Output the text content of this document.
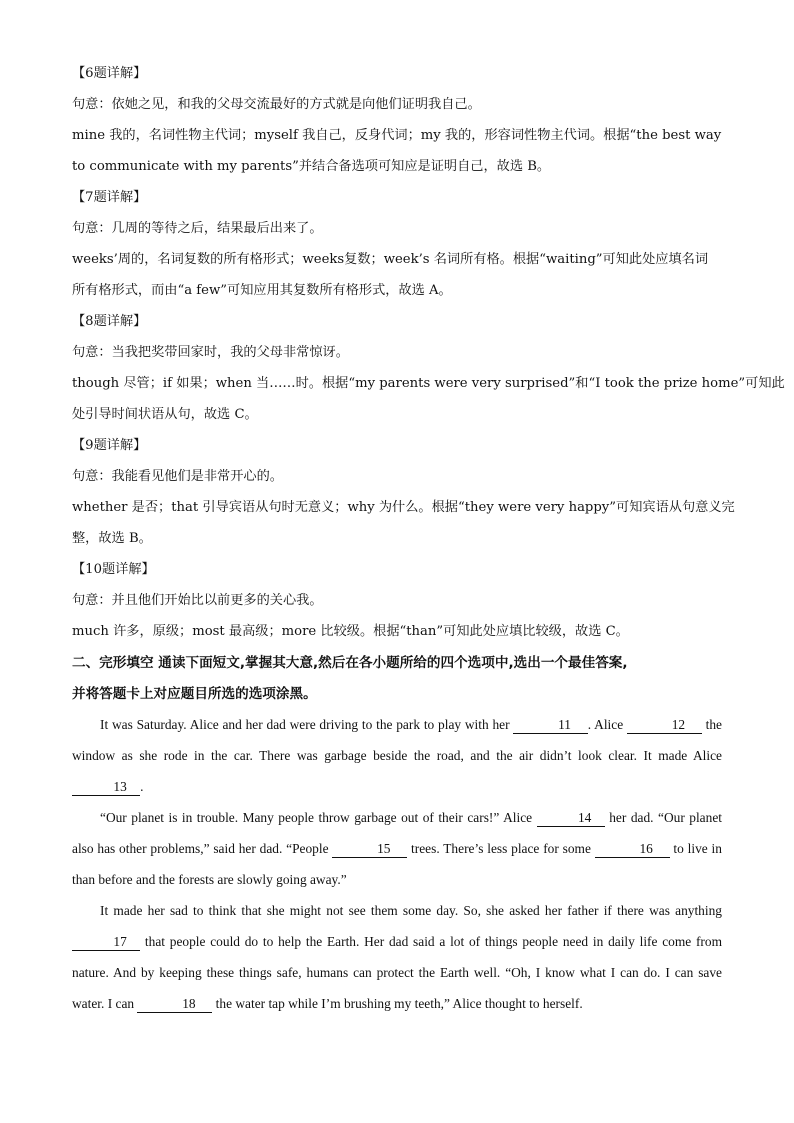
【6题详解】
句意：依她之见，和我的父母交流最好的方式就是向他们证明我自己。
mine 我的，名词性物主代词；myself 我自己，反身代词；my 我的，形容词性物主代词。根据“the best way
to communicate with my parents”并结合备选项可知应是证明自己，故选 B。
【7题详解】
句意：几周的等待之后，结果最后出来了。
weeks’周的，名词复数的所有格形式；weeks复数；week’s 名词所有格。根据“waiting”可知此处应填名词
所有格形式，而由“a few”可知应用其复数所有格形式，故选 A。
【8题详解】
句意：当我把奖带回家时，我的父母非常惊讶。
though 尽管；if 如果；when 当……时。根据“my parents were very surprised”和“I took the prize home”可知此
处引导时间状语从句，故选 C。
【9题详解】
句意：我能看见他们是非常开心的。
whether 是否；that 引导宾语从句时无意义；why 为什么。根据“they were very happy”可知宾语从句意义完
整，故选 B。
【10题详解】
句意：并且他们开始比以前更多的关心我。
much 许多，原级；most 最高级；more 比较级。根据“than”可知此处应填比较级，故选 C。

二、完形填空 通读下面短文,掌握其大意,然后在各小题所给的四个选项中,选出一个最佳答案,

并将答题卡上对应题目所选的选项涂黑。

It was Saturday. Alice and her dad were driving to the park to play with her	11 . Alice	12      the window as she rode in the car. There was garbage beside the road, and the air didn’t look clear. It made Alice     13 .

“Our planet is in trouble. Many people throw garbage out of their cars!” Alice	14     her dad. “Our planet also has other problems,” said her dad. “People	15      trees. There’s less place for some	16      to live in than before and the forests are slowly going away.”

It made her sad to think that she might not see them some day. So, she asked her father if there was anything     17     that people could do to help the Earth. Her dad said a lot of things people need in daily life come from nature. And by keeping these things safe, humans can protect the Earth well. “Oh, I know what I can do. I can save water. I can	18      the water tap while I’m brushing my teeth,” Alice thought to herself.
